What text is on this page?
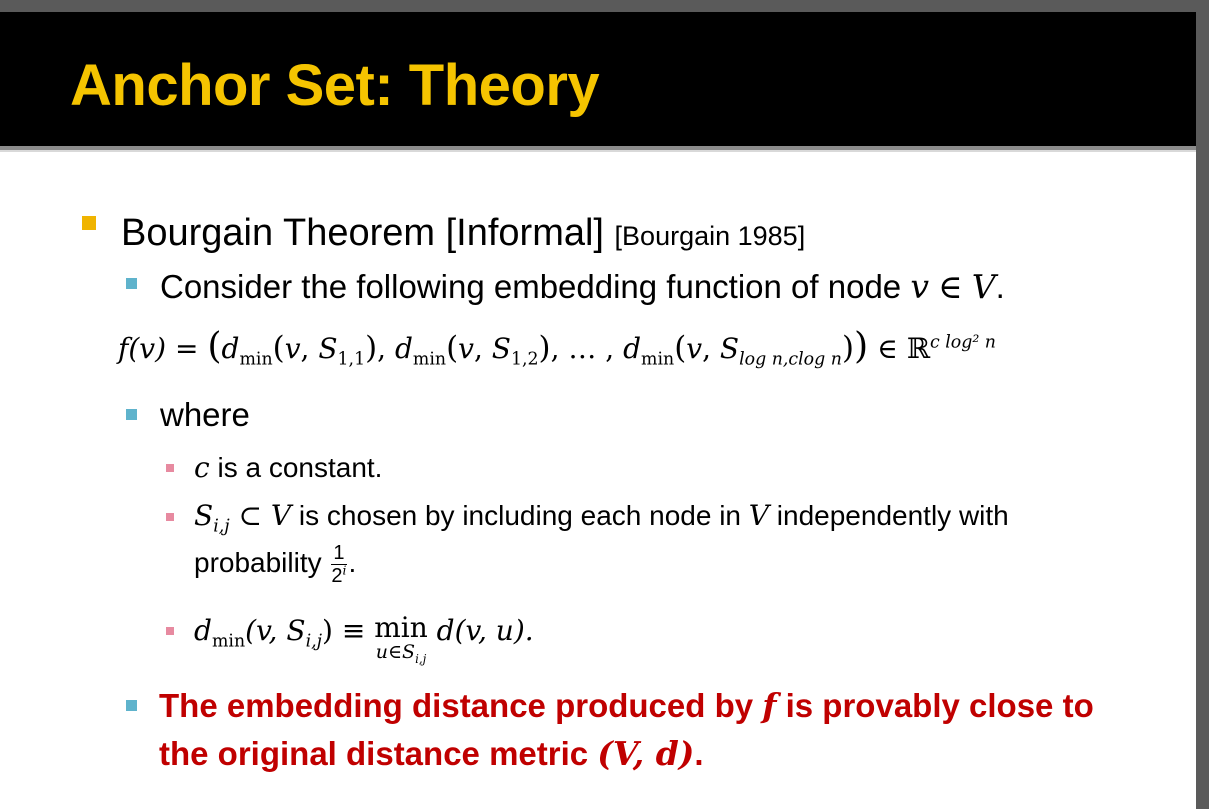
Anchor Set: Theory
Bourgain Theorem [Informal] [Bourgain 1985]
Consider the following embedding function of node v ∈ V.
$f(v) = (d_{min}(v$, $S_{1,1}$), $d_{min}(v$, $S_{1,2}$), … , $d_{min}(v$, $S_{log n,clog n}$)) ∈ ℝ$^{c log^2 n}$
where
c is a constant.
$S_{i,j}$ ⊂ V is chosen by including each node in V independently with
probability $\frac{1}{2^i}$ .
$d_{min}(v$, $S_{i,j}) \equiv \min$
$u\in S_{i,j}$
d(v, u).
The embedding distance produced by f is provably close to
the original distance metric (V, d).
